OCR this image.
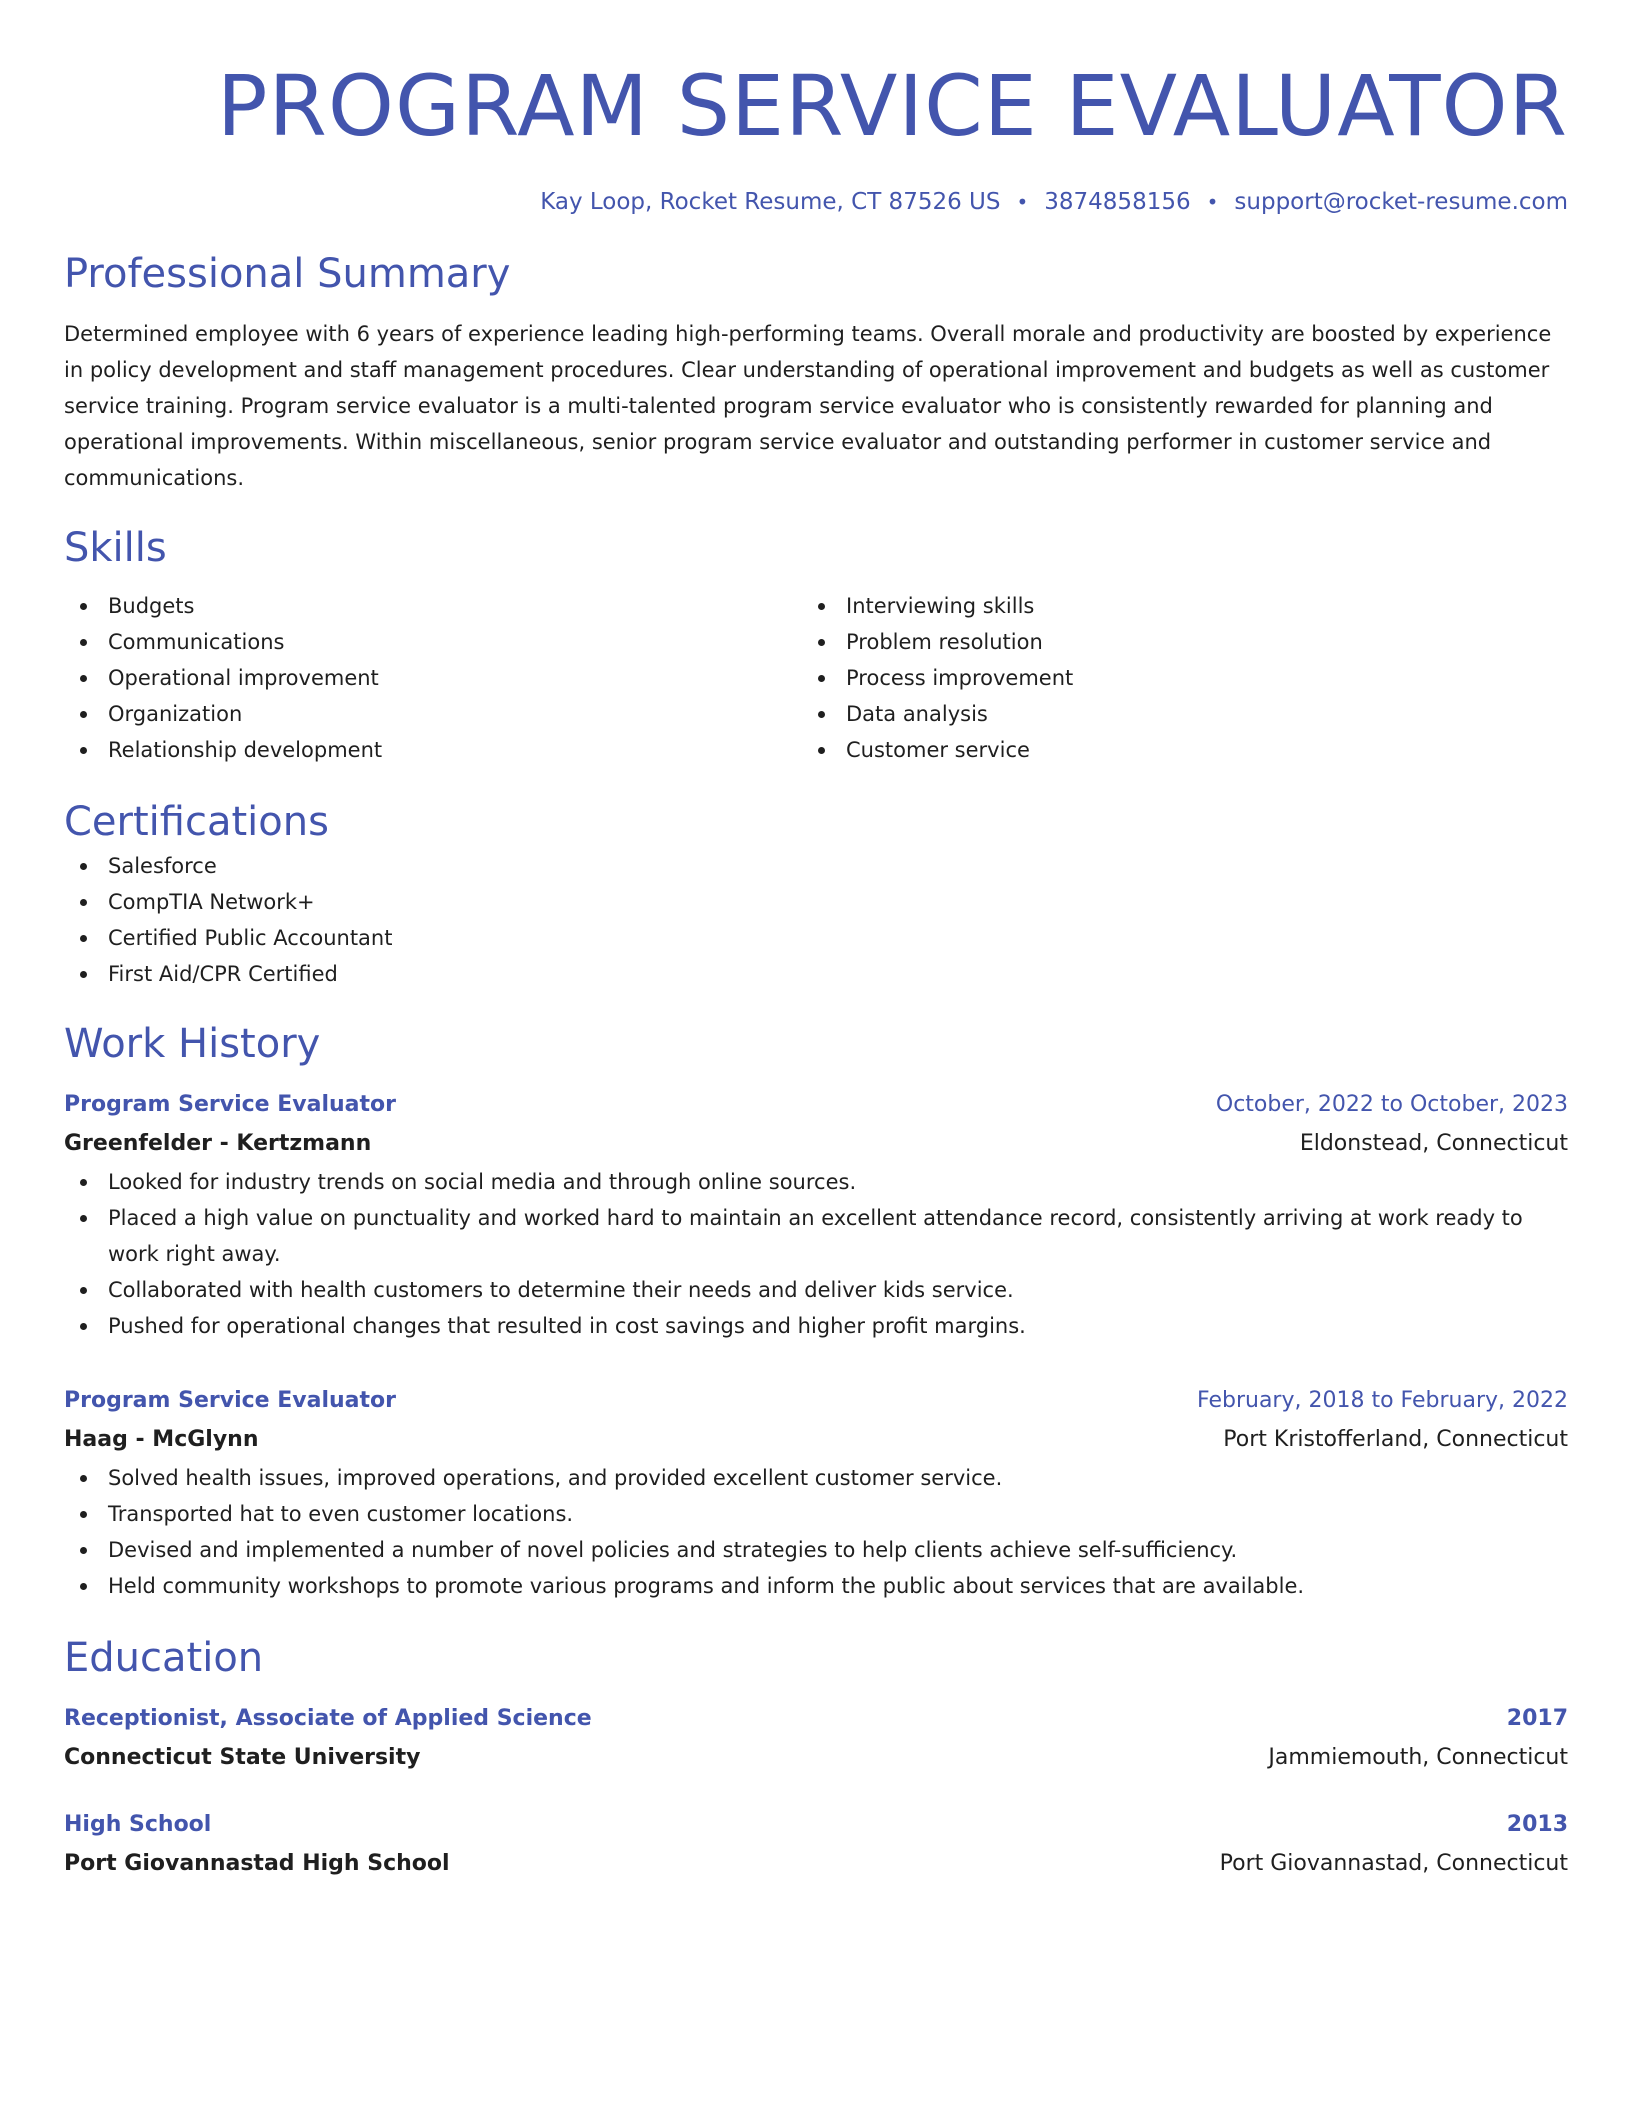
PROGRAM SERVICE EVALUATOR
Kay Loop, Rocket Resume, CT 87526 US • 3874858156 • support@rocket-resume.com
Professional Summary
Determined employee with 6 years of experience leading high-performing teams. Overall morale and productivity are boosted by experience in policy development and staff management procedures. Clear understanding of operational improvement and budgets as well as customer service training. Program service evaluator is a multi-talented program service evaluator who is consistently rewarded for planning and operational improvements. Within miscellaneous, senior program service evaluator and outstanding performer in customer service and communications.
Skills
Budgets
Communications
Operational improvement
Organization
Relationship development
Interviewing skills
Problem resolution
Process improvement
Data analysis
Customer service
Certifications
Salesforce
CompTIA Network+
Certified Public Accountant
First Aid/CPR Certified
Work History
Program Service Evaluator	October, 2022 to October, 2023
Greenfelder - Kertzmann	Eldonstead, Connecticut
Looked for industry trends on social media and through online sources.
Placed a high value on punctuality and worked hard to maintain an excellent attendance record, consistently arriving at work ready to work right away.
Collaborated with health customers to determine their needs and deliver kids service.
Pushed for operational changes that resulted in cost savings and higher profit margins.
Program Service Evaluator	February, 2018 to February, 2022
Haag - McGlynn	Port Kristofferland, Connecticut
Solved health issues, improved operations, and provided excellent customer service.
Transported hat to even customer locations.
Devised and implemented a number of novel policies and strategies to help clients achieve self-sufficiency.
Held community workshops to promote various programs and inform the public about services that are available.
Education
Receptionist, Associate of Applied Science	2017
Connecticut State University	Jammiemouth, Connecticut
High School	2013
Port Giovannastad High School	Port Giovannastad, Connecticut
